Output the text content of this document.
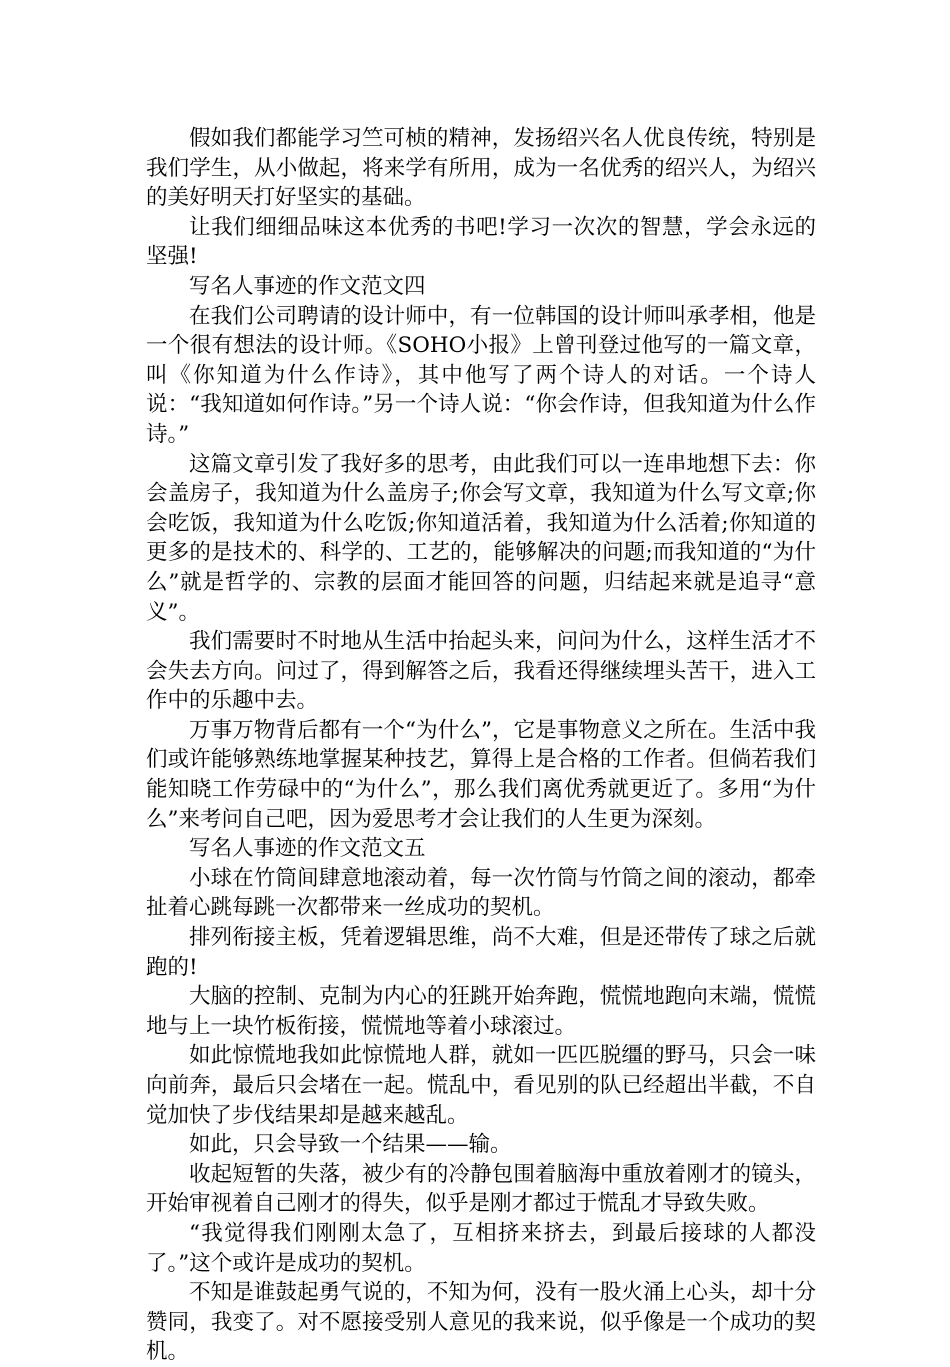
假如我们都能学习竺可桢的精神，发扬绍兴名人优良传统，特别是我们学生，从小做起，将来学有所用，成为一名优秀的绍兴人，为绍兴的美好明天打好坚实的基础。

让我们细细品味这本优秀的书吧!学习一次次的智慧，学会永远的坚强!

写名人事迹的作文范文四

在我们公司聘请的设计师中，有一位韩国的设计师叫承孝相，他是一个很有想法的设计师。《SOHO小报》上曾刊登过他写的一篇文章，叫《你知道为什么作诗》，其中他写了两个诗人的对话。一个诗人说：“我知道如何作诗。”另一个诗人说：“你会作诗，但我知道为什么作诗。”

这篇文章引发了我好多的思考，由此我们可以一连串地想下去：你会盖房子，我知道为什么盖房子;你会写文章，我知道为什么写文章;你会吃饭，我知道为什么吃饭;你知道活着，我知道为什么活着;你知道的更多的是技术的、科学的、工艺的，能够解决的问题;而我知道的“为什么”就是哲学的、宗教的层面才能回答的问题，归结起来就是追寻“意义”。

我们需要时不时地从生活中抬起头来，问问为什么，这样生活才不会失去方向。问过了，得到解答之后，我看还得继续埋头苦干，进入工作中的乐趣中去。

万事万物背后都有一个“为什么”，它是事物意义之所在。生活中我们或许能够熟练地掌握某种技艺，算得上是合格的工作者。但倘若我们能知晓工作劳碌中的“为什么”，那么我们离优秀就更近了。多用“为什么”来考问自己吧，因为爱思考才会让我们的人生更为深刻。

写名人事迹的作文范文五

小球在竹筒间肆意地滚动着，每一次竹筒与竹筒之间的滚动，都牵扯着心跳每跳一次都带来一丝成功的契机。

排列衔接主板，凭着逻辑思维，尚不大难，但是还带传了球之后就跑的!

大脑的控制、克制为内心的狂跳开始奔跑，慌慌地跑向末端，慌慌地与上一块竹板衔接，慌慌地等着小球滚过。

如此惊慌地我如此惊慌地人群，就如一匹匹脱缰的野马，只会一味向前奔，最后只会堵在一起。慌乱中，看见别的队已经超出半截，不自觉加快了步伐结果却是越来越乱。

如此，只会导致一个结果——输。

收起短暂的失落，被少有的冷静包围着脑海中重放着刚才的镜头，开始审视着自己刚才的得失，似乎是刚才都过于慌乱才导致失败。

“我觉得我们刚刚太急了，互相挤来挤去，到最后接球的人都没了。”这个或许是成功的契机。

不知是谁鼓起勇气说的，不知为何，没有一股火涌上心头，却十分赞同，我变了。对不愿接受别人意见的我来说，似乎像是一个成功的契机。
